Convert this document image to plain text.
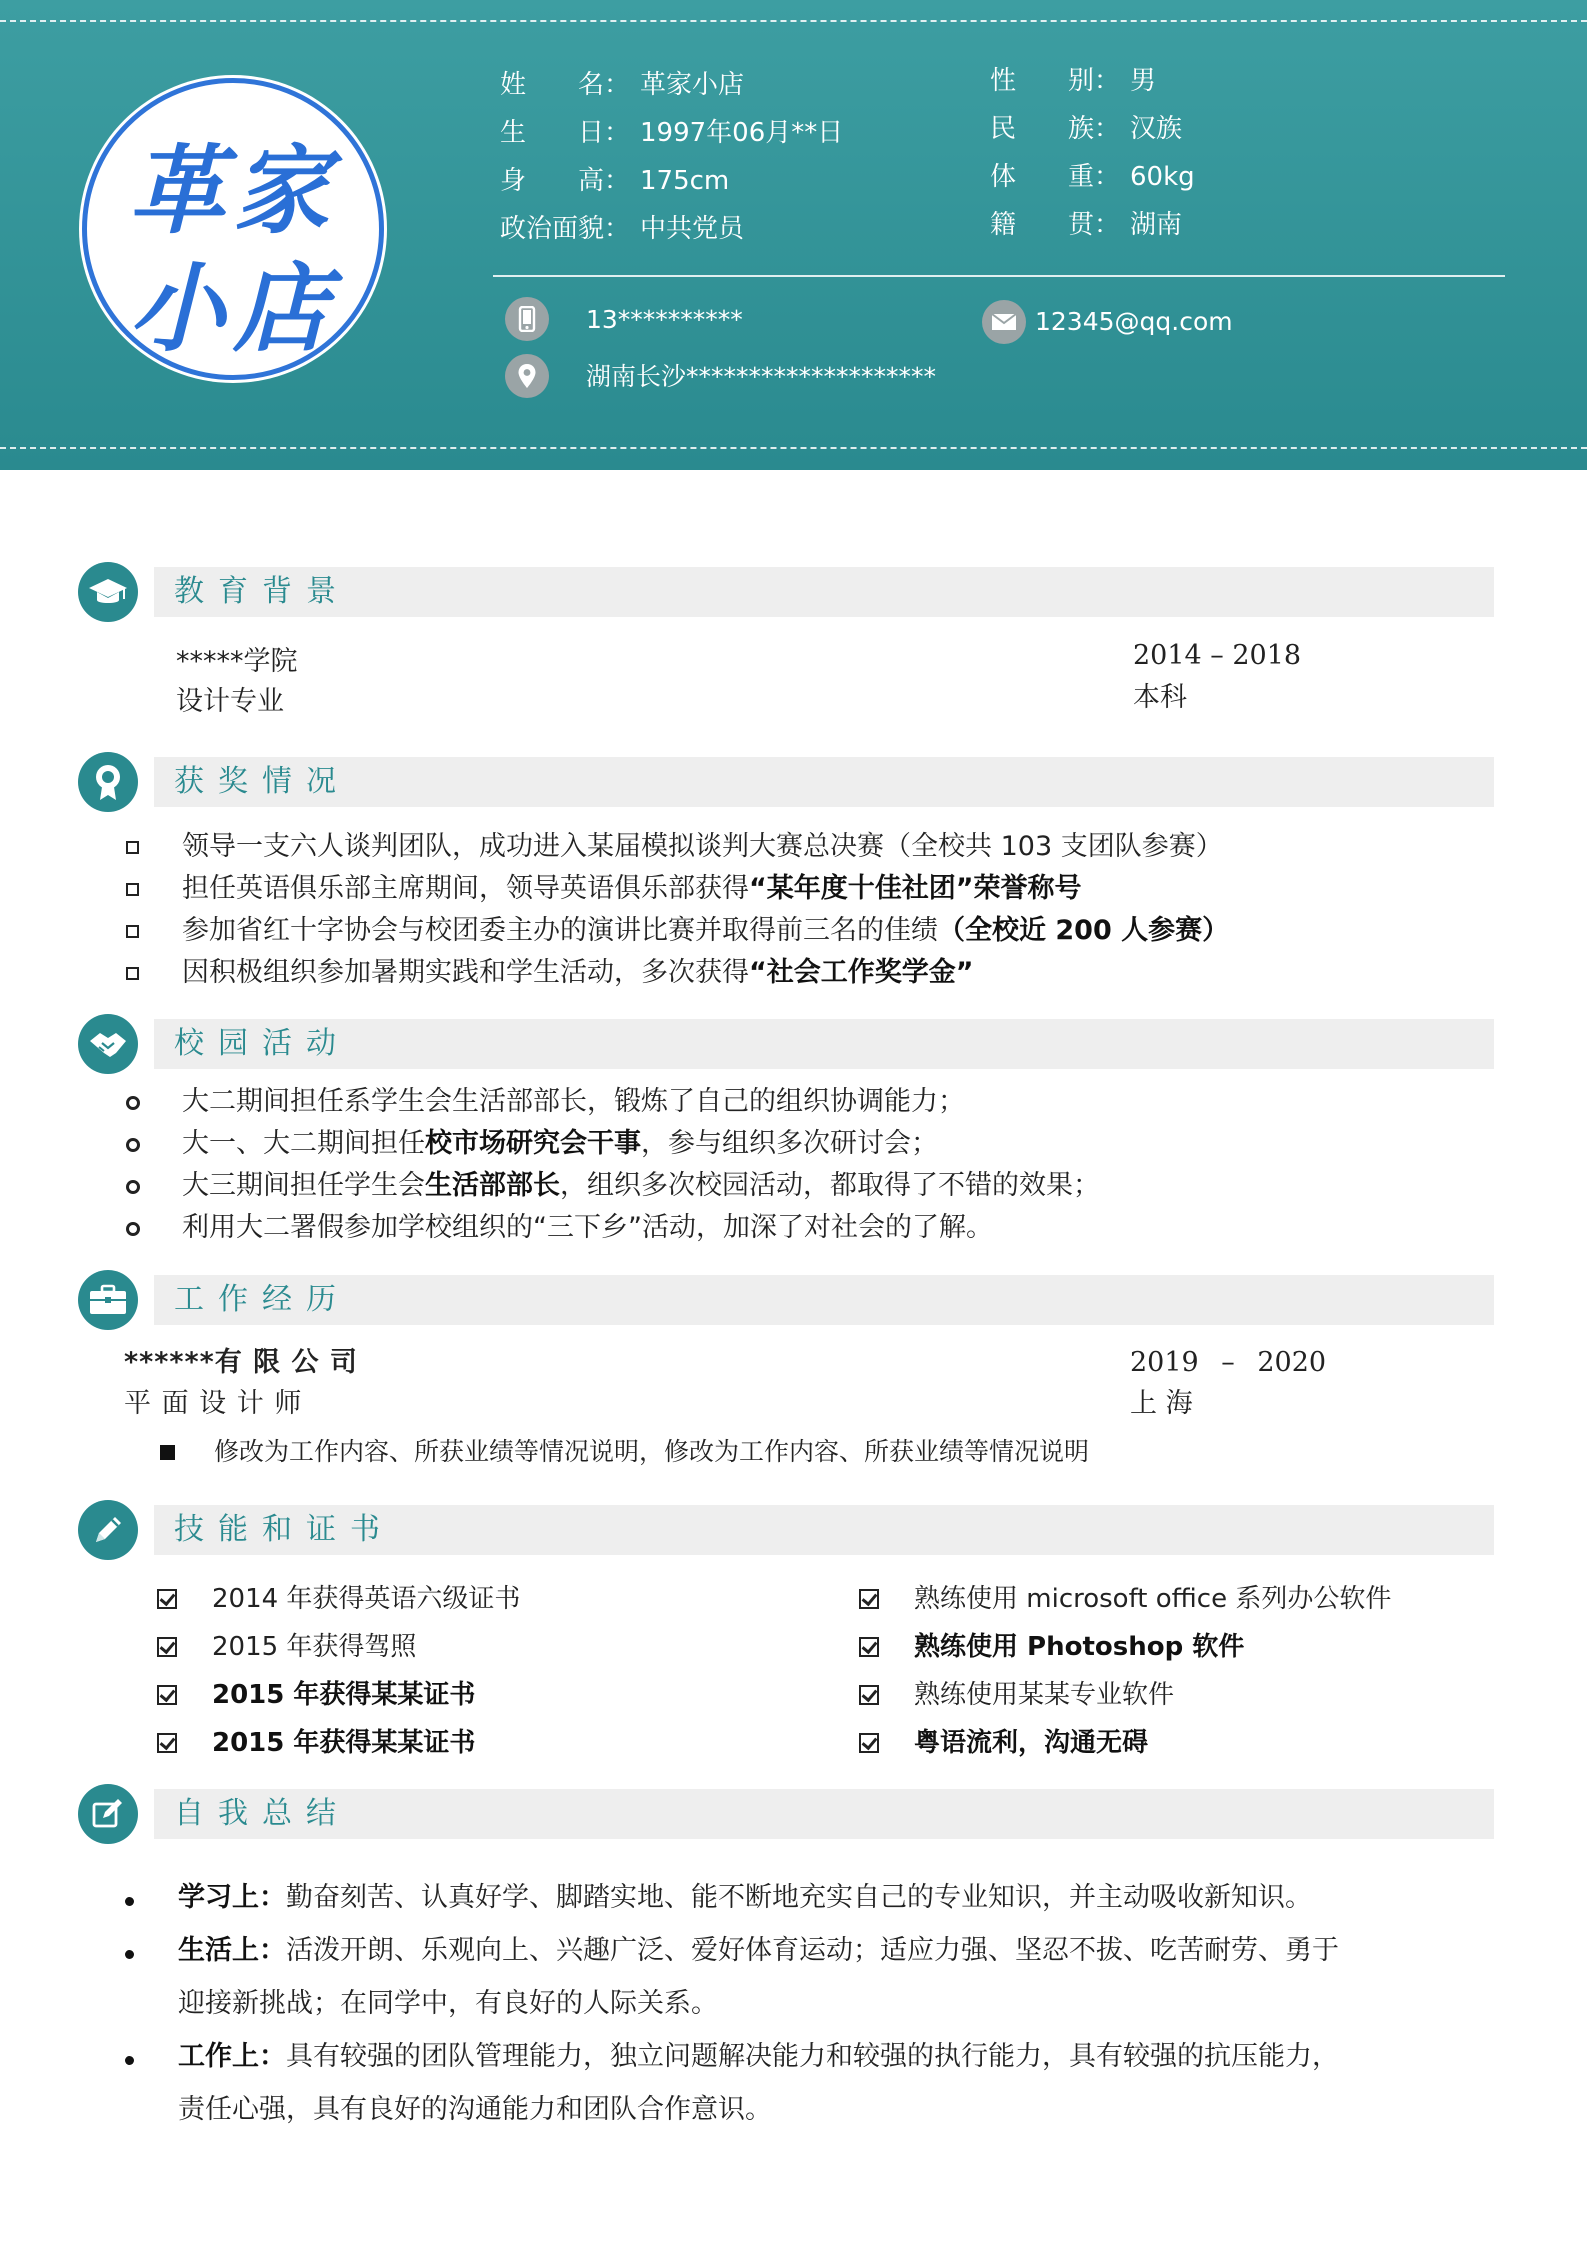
革家
小店
姓　　名： 革家小店
生　　日： 1997年06月**日
身　　高： 175cm
政治面貌： 中共党员
性　　别： 男
民　　族： 汉族
体　　重： 60kg
籍　　贯： 湖南
13**********	12345@qq.com
湖南长沙********************
教育背景
*****学院
设计专业
2014 – 2018
本科
获奖情况
领导一支六人谈判团队，成功进入某届模拟谈判大赛总决赛（全校共 103 支团队参赛）
担任英语俱乐部主席期间，领导英语俱乐部获得“某年度十佳社团”荣誉称号
参加省红十字协会与校团委主办的演讲比赛并取得前三名的佳绩（全校近 200 人参赛）
因积极组织参加暑期实践和学生活动，多次获得“社会工作奖学金”
校园活动
大二期间担任系学生会生活部部长，锻炼了自己的组织协调能力；
大一、大二期间担任校市场研究会干事，参与组织多次研讨会；
大三期间担任学生会生活部部长，组织多次校园活动，都取得了不错的效果；
利用大二署假参加学校组织的“三下乡”活动，加深了对社会的了解。
工作经历
******有 限 公 司
平 面 设 计 师
2019 – 2020
上 海
修改为工作内容、所获业绩等情况说明，修改为工作内容、所获业绩等情况说明
技能和证书
2014 年获得英语六级证书
2015 年获得驾照
2015 年获得某某证书
2015 年获得某某证书
熟练使用 microsoft office 系列办公软件
熟练使用 Photoshop 软件
熟练使用某某专业软件
粤语流利，沟通无碍
自我总结
学习上：勤奋刻苦、认真好学、脚踏实地、能不断地充实自己的专业知识，并主动吸收新知识。
生活上：活泼开朗、乐观向上、兴趣广泛、爱好体育运动；适应力强、坚忍不拔、吃苦耐劳、勇于
迎接新挑战；在同学中，有良好的人际关系。
工作上：具有较强的团队管理能力，独立问题解决能力和较强的执行能力，具有较强的抗压能力，
责任心强，具有良好的沟通能力和团队合作意识。
